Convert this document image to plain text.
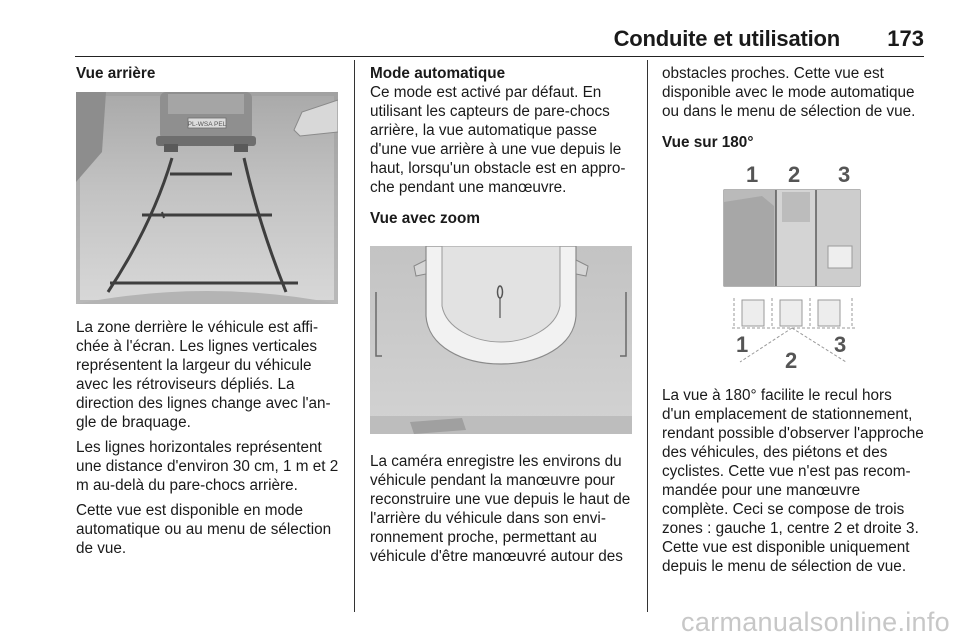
Conduite et utilisation 173
Vue arrière
PL-WSA PEL

La zone derrière le véhicule est affichée à l'écran. Les lignes verticales représentent la largeur du véhicule avec les rétroviseurs dépliés. La direction des lignes change avec l'angle de braquage.

Les lignes horizontales représentent une distance d'environ 30 cm, 1 m et 2 m au-delà du pare-chocs arrière.

Cette vue est disponible en mode automatique ou au menu de sélection de vue.

Mode automatique

Ce mode est activé par défaut. En utilisant les capteurs de pare-chocs arrière, la vue automatique passe d'une vue arrière à une vue depuis le haut, lorsqu'un obstacle est en approche pendant une manœuvre.

Vue avec zoom

La caméra enregistre les environs du véhicule pendant la manœuvre pour reconstruire une vue depuis le haut de l'arrière du véhicule dans son environnement proche, permettant au véhicule d'être manœuvré autour des

obstacles proches. Cette vue est disponible avec le mode automatique ou dans le menu de sélection de vue.

Vue sur 180°
1 2 3
1
2
3

La vue à 180° facilite le recul hors d'un emplacement de stationnement, rendant possible d'observer l'approche des véhicules, des piétons et des cyclistes. Cette vue n'est pas recommandée pour une manœuvre complète. Ceci se compose de trois zones : gauche 1, centre 2 et droite 3. Cette vue est disponible uniquement depuis le menu de sélection de vue.

carmanualsonline.info
